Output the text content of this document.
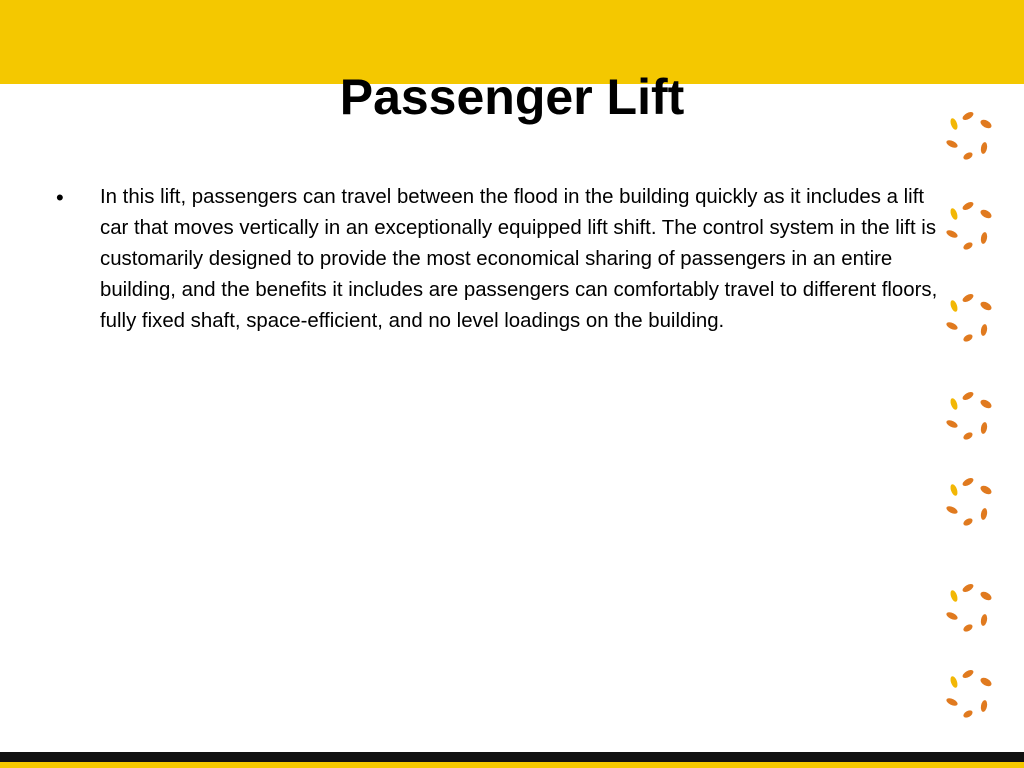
Passenger Lift
•	In this lift, passengers can travel between the flood in the building quickly as it includes a lift car that moves vertically in an exceptionally equipped lift shift. The control system in the lift is customarily designed to provide the most economical sharing of passengers in an entire building, and the benefits it includes are passengers can comfortably travel to different floors, fully fixed shaft, space-efficient, and no level loadings on the building.
